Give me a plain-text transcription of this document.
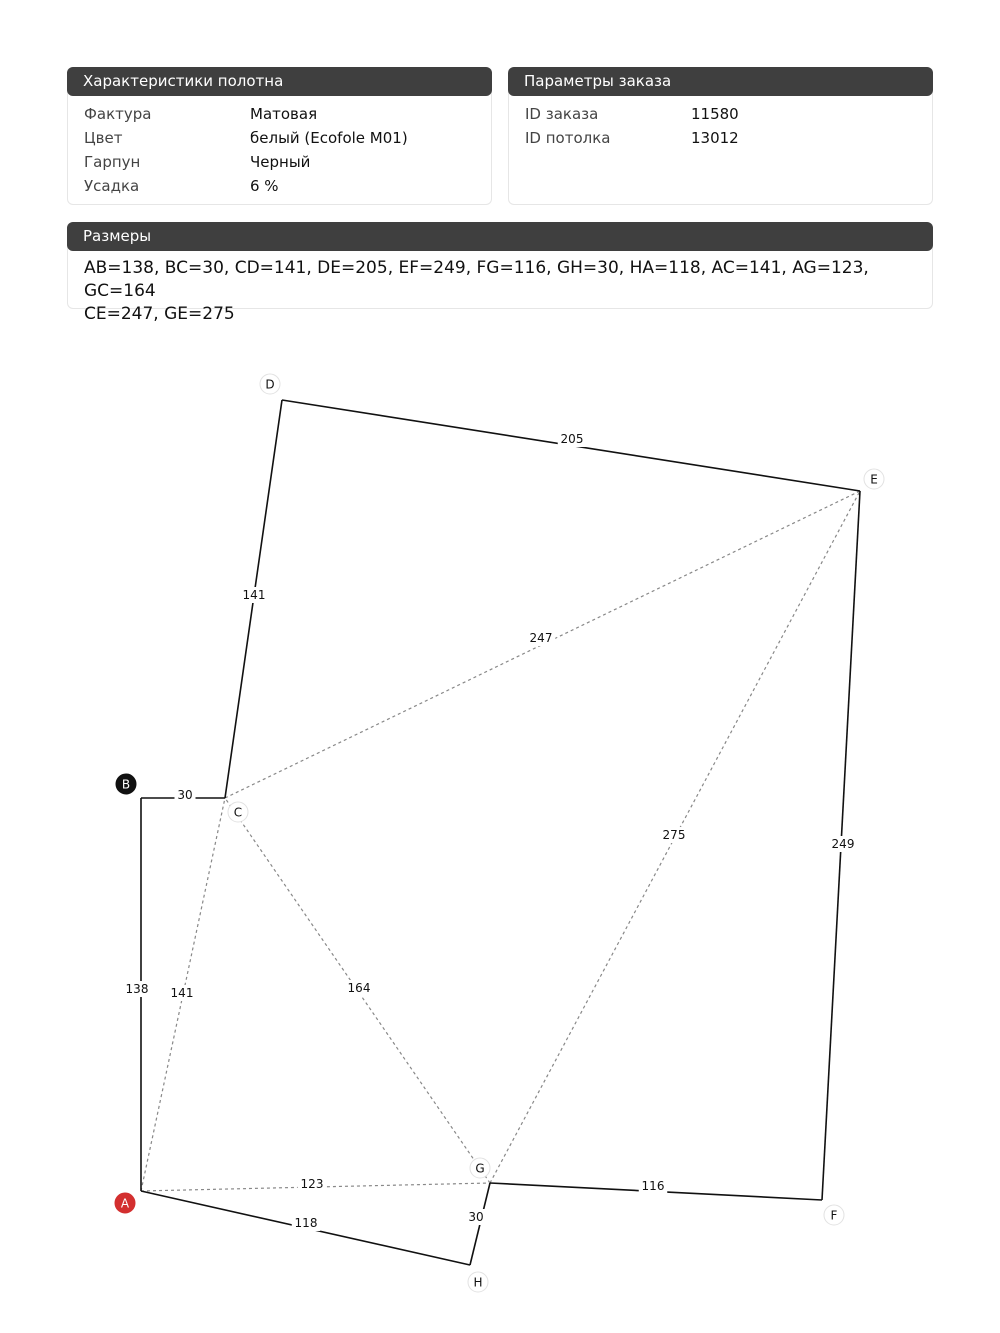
Характеристики полотна
Фактура	Матовая
Цвет	белый (Ecofole M01)
Гарпун	Черный
Усадка	6 %
Параметры заказа
ID заказа	11580
ID потолка	13012
Размеры
AB=138, BC=30, CD=141, DE=205, EF=249, FG=116, GH=30, HA=118, AC=141, AG=123, GC=164
CE=247, GE=275
138
30
141
205
249
116
30
118
141
123
164
247
275
A
B
C
D
E
F
G
H
